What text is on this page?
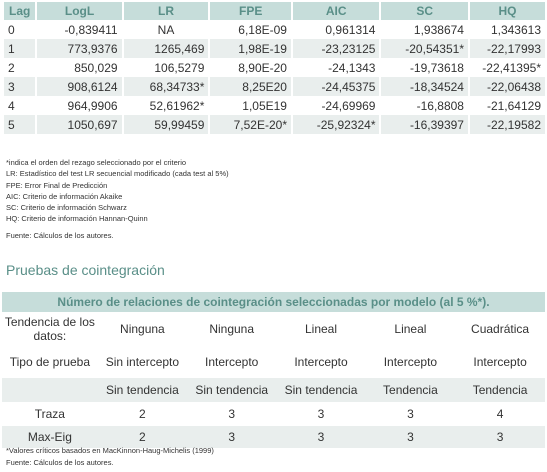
Lag	LogL	LR	FPE	AIC	SC	HQ
0	-0,839411	NA	6,18E-09	0,961314	1,938674	1,343613
1	773,9376	1265,469	1,98E-19	-23,23125	-20,54351*	-22,17993
2	850,029	106,5279	8,90E-20	-24,1343	-19,73618	-22,41395*
3	908,6124	68,34733*	8,25E20	-24,45375	-18,34524	-22,06438
4	964,9906	52,61962*	1,05E19	-24,69969	-16,8808	-21,64129
5	1050,697	59,99459	7,52E-20*	-25,92324*	-16,39397	-22,19582
*indica el orden del rezago seleccionado por el criterio
LR: Estadístico del test LR secuencial modificado (cada test al 5%)
FPE: Error Final de Predicción
AIC: Criterio de información Akaike
SC: Criterio de información Schwarz
HQ: Criterio de información Hannan-Quinn
Fuente: Cálculos de los autores.
Pruebas de cointegración
Número de relaciones de cointegración seleccionadas por modelo (al 5 %*).					
Tendencia de los datos:	Ninguna	Ninguna	Lineal	Lineal	Cuadrática
Tipo de prueba	Sin intercepto	Intercepto	Intercepto	Intercepto	Intercepto
	Sin tendencia	Sin tendencia	Sin tendencia	Tendencia	Tendencia
Traza	2	3	3	3	4
Max-Eig	2	3	3	3	3
*Valores críticos basados en MacKinnon-Haug-Michelis (1999)
Fuente: Cálculos de los autores.
